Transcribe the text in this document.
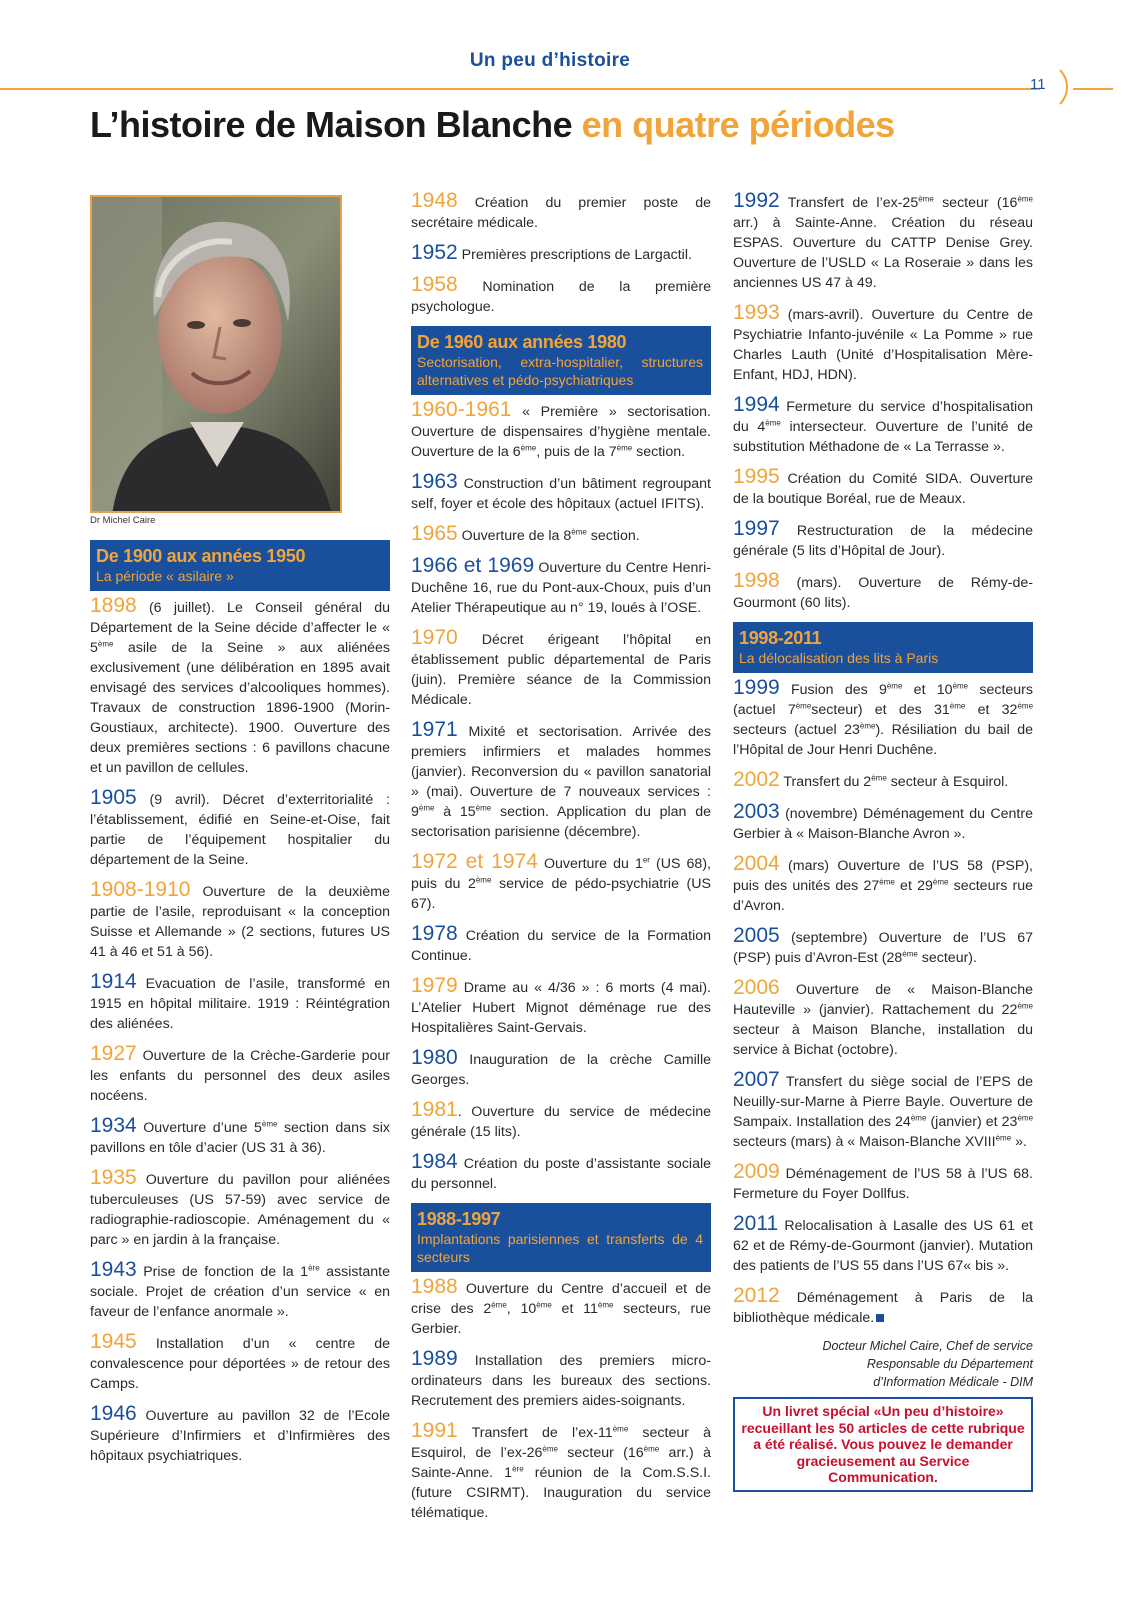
Un peu d’histoire
11
L’histoire de Maison Blanche en quatre périodes
Dr Michel Caire
De 1900 aux années 1950
La période « asilaire »

1898 (6 juillet). Le Conseil général du Département de la Seine décide d’affecter le « 5ème asile de la Seine » aux aliénées exclusivement (une délibération en 1895 avait envisagé des services d’alcooliques hommes). Travaux de construction 1896-1900 (Morin-Goustiaux, architecte). 1900. Ouverture des deux premières sections : 6 pavillons chacune et un pavillon de cellules.

1905 (9 avril). Décret d’exterritorialité : l’établissement, édifié en Seine-et-Oise, fait partie de l’équipement hospitalier du département de la Seine.

1908-1910 Ouverture de la deuxième partie de l’asile, reproduisant « la conception Suisse et Allemande » (2 sections, futures US 41 à 46 et 51 à 56).

1914 Evacuation de l’asile, transformé en 1915 en hôpital militaire. 1919 : Réintégration des aliénées.

1927 Ouverture de la Crèche-Garderie pour les enfants du personnel des deux asiles nocéens.

1934 Ouverture d’une 5ème section dans six pavillons en tôle d’acier (US 31 à 36).

1935 Ouverture du pavillon pour aliénées tuberculeuses (US 57-59) avec service de radiographie-radioscopie. Aménagement du « parc » en jardin à la française.

1943 Prise de fonction de la 1ère assistante sociale. Projet de création d’un service « en faveur de l’enfance anormale ».

1945 Installation d’un « centre de convalescence pour déportées » de retour des Camps.

1946 Ouverture au pavillon 32 de l’Ecole Supérieure d’Infirmiers et d’Infirmières des hôpitaux psychiatriques.

1948 Création du premier poste de secrétaire médicale.

1952 Premières prescriptions de Largactil.

1958 Nomination de la première psychologue.

De 1960 aux années 1980
Sectorisation, extra-hospitalier, structures alternatives et pédo-psychiatriques

1960-1961 « Première » sectorisation. Ouverture de dispensaires d’hygiène mentale. Ouverture de la 6ème, puis de la 7ème section.

1963 Construction d’un bâtiment regroupant self, foyer et école des hôpitaux (actuel IFITS).

1965 Ouverture de la 8ème section.

1966 et 1969 Ouverture du Centre Henri-Duchêne 16, rue du Pont-aux-Choux, puis d’un Atelier Thérapeutique au n° 19, loués à l’OSE.

1970 Décret érigeant l’hôpital en établissement public départemental de Paris (juin). Première séance de la Commission Médicale.

1971 Mixité et sectorisation. Arrivée des premiers infirmiers et malades hommes (janvier). Reconversion du « pavillon sanatorial » (mai). Ouverture de 7 nouveaux services : 9ème à 15ème section. Application du plan de sectorisation parisienne (décembre).

1972 et 1974 Ouverture du 1er (US 68), puis du 2ème service de pédo-psychiatrie (US 67).

1978 Création du service de la Formation Continue.

1979 Drame au « 4/36 » : 6 morts (4 mai). L’Atelier Hubert Mignot déménage rue des Hospitalières Saint-Gervais.

1980 Inauguration de la crèche Camille Georges.

1981. Ouverture du service de médecine générale (15 lits).

1984 Création du poste d’assistante sociale du personnel.

1988-1997
Implantations parisiennes et transferts de 4 secteurs

1988 Ouverture du Centre d’accueil et de crise des 2ème, 10ème et 11ème secteurs, rue Gerbier.

1989 Installation des premiers micro-ordinateurs dans les bureaux des sections. Recrutement des premiers aides-soignants.

1991 Transfert de l’ex-11ème secteur à Esquirol, de l’ex-26ème secteur (16ème arr.) à Sainte-Anne. 1ère réunion de la Com.S.S.I. (future CSIRMT). Inauguration du service télématique.

1992 Transfert de l’ex-25ème secteur (16ème arr.) à Sainte-Anne. Création du réseau ESPAS. Ouverture du CATTP Denise Grey. Ouverture de l’USLD « La Roseraie » dans les anciennes US 47 à 49.

1993 (mars-avril). Ouverture du Centre de Psychiatrie Infanto-juvénile « La Pomme » rue Charles Lauth (Unité d’Hospitalisation Mère-Enfant, HDJ, HDN).

1994 Fermeture du service d’hospitalisation du 4ème intersecteur. Ouverture de l’unité de substitution Méthadone de « La Terrasse ».

1995 Création du Comité SIDA. Ouverture de la boutique Boréal, rue de Meaux.

1997 Restructuration de la médecine générale (5 lits d’Hôpital de Jour).

1998 (mars). Ouverture de Rémy-de-Gourmont (60 lits).

1998-2011
La délocalisation des lits à Paris

1999 Fusion des 9ème et 10ème secteurs (actuel 7èmesecteur) et des 31ème et 32ème secteurs (actuel 23ème). Résiliation du bail de l’Hôpital de Jour Henri Duchêne.

2002 Transfert du 2ème secteur à Esquirol.

2003 (novembre) Déménagement du Centre Gerbier à « Maison-Blanche Avron ».

2004 (mars) Ouverture de l’US 58 (PSP), puis des unités des 27ème et 29ème secteurs rue d’Avron.

2005 (septembre) Ouverture de l’US 67 (PSP) puis d’Avron-Est (28ème secteur).

2006 Ouverture de « Maison-Blanche Hauteville » (janvier). Rattachement du 22ème secteur à Maison Blanche, installation du service à Bichat (octobre).

2007 Transfert du siège social de l’EPS de Neuilly-sur-Marne à Pierre Bayle. Ouverture de Sampaix. Installation des 24ème (janvier) et 23ème secteurs (mars) à « Maison-Blanche XVIIIème ».

2009 Déménagement de l’US 58 à l’US 68. Fermeture du Foyer Dollfus.

2011 Relocalisation à Lasalle des US 61 et 62 et de Rémy-de-Gourmont (janvier). Mutation des patients de l’US 55 dans l’US 67« bis ».

2012 Déménagement à Paris de la bibliothèque médicale.

Docteur Michel Caire, Chef de service
Responsable du Département
d’Information Médicale - DIM
Un livret spécial «Un peu d’histoire» recueillant les 50 articles de cette rubrique a été réalisé. Vous pouvez le demander gracieusement au Service Communication.
